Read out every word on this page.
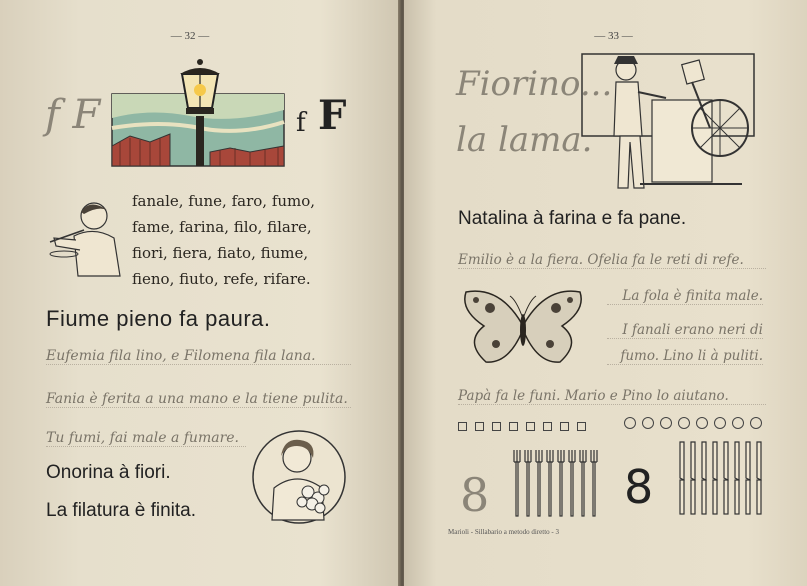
— 32 —
f F	f F
fanale, fune, faro, fumo,
fame, farina, filo, filare,
fiori, fiera, fiato, fiume,
fieno, fiuto, refe, rifare.
Fiume pieno fa paura.
Eufemia fila lino, e Filomena fila lana.
Fania è ferita a una mano e la tiene pulita.
Tu fumi, fai male a fumare.
Onorina à fiori.
La filatura è finita.
— 33 —
Fiorino...
la lama.
Natalina à farina e fa pane.
Emilio è a la fiera. Ofelia fa le reti di refe.
La fola è finita male.
I fanali erano neri di
fumo. Lino li à puliti.
Papà fa le funi. Mario e Pino lo aiutano.
8	8
Marioli - Sillabario a metodo diretto - 3
